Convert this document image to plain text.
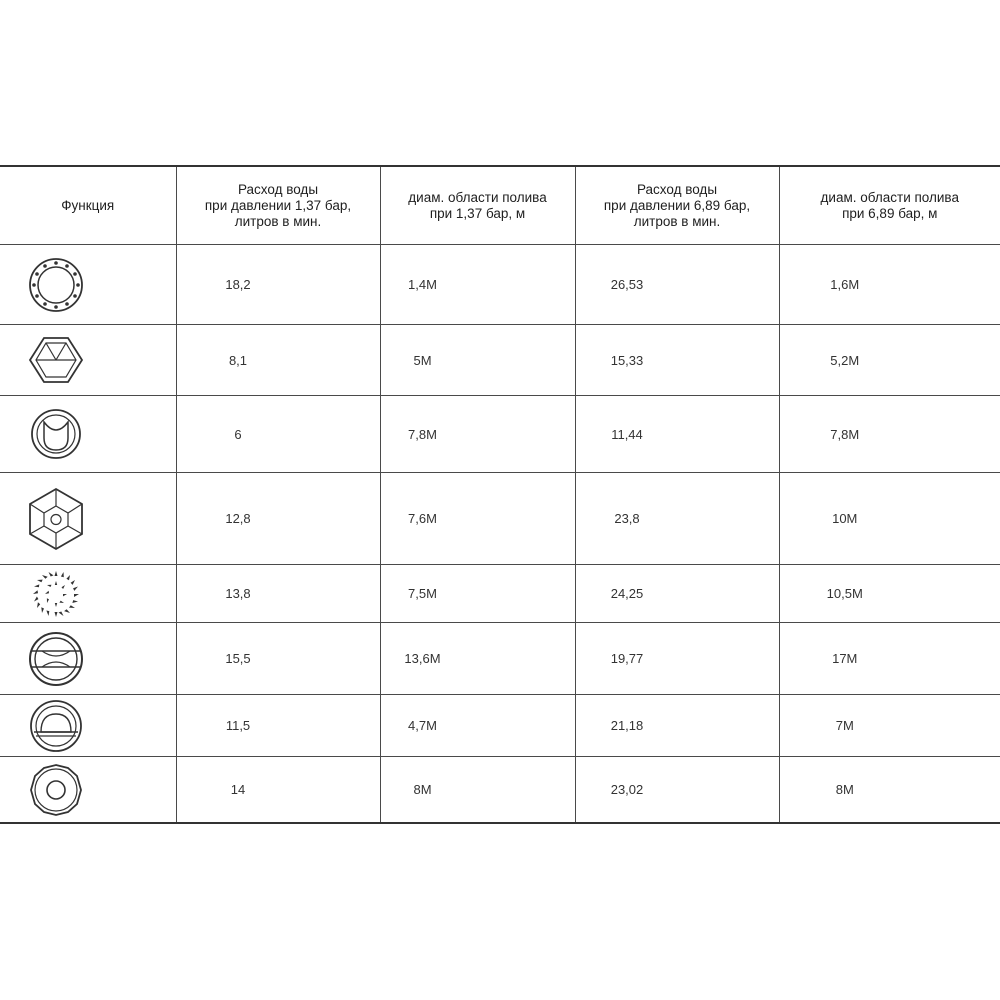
Функция	Расход воды
при давлении 1,37 бар,
литров в мин.	диам. области полива
при 1,37 бар, м	Расход воды
при давлении 6,89 бар,
литров в мин.	диам. области полива
при 6,89 бар, м

	18,2	1,4М	26,53	1,6М

	8,1	5М	15,33	5,2М

	6	7,8М	11,44	7,8М

	12,8	7,6М	23,8	10М

	13,8	7,5М	24,25	10,5М

	15,5	13,6М	19,77	17М

	11,5	4,7М	21,18	7М

	14	8М	23,02	8М
